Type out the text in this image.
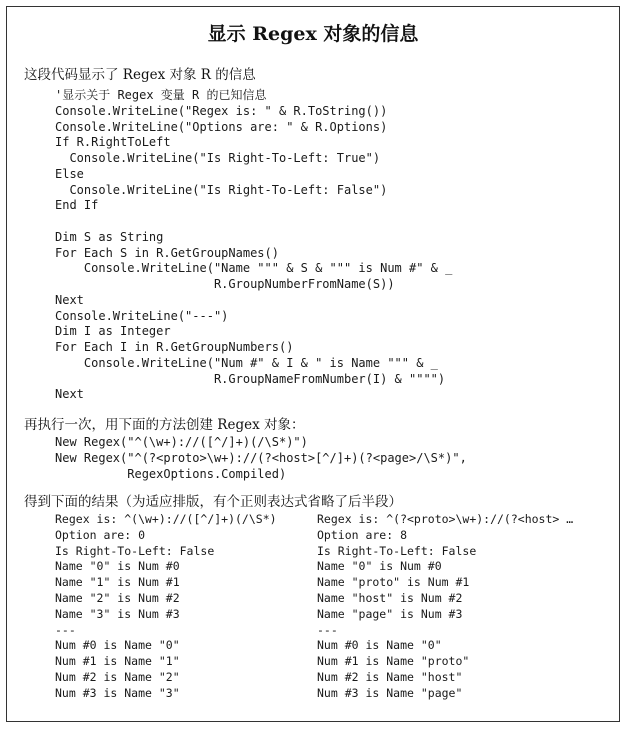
显示 Regex 对象的信息
这段代码显示了 Regex 对象 R 的信息
'显示关于 Regex 变量 R 的已知信息
Console.WriteLine("Regex is: " & R.ToString())
Console.WriteLine("Options are: " & R.Options)
If R.RightToLeft
Console.WriteLine("Is Right-To-Left: True")
Else
Console.WriteLine("Is Right-To-Left: False")
End If
Dim S as String
For Each S in R.GetGroupNames()
Console.WriteLine("Name """ & S & """ is Num #" & _
R.GroupNumberFromName(S))
Next
Console.WriteLine("---")
Dim I as Integer
For Each I in R.GetGroupNumbers()
Console.WriteLine("Num #" & I & " is Name """ & _
R.GroupNameFromNumber(I) & """")
Next
再执行一次，用下面的方法创建 Regex 对象：
New Regex("^(\w+)://([^/]+)(/\S*)")
New Regex("^(?<proto>\w+)://(?<host>[^/]+)(?<page>/\S*)",
RegexOptions.Compiled)
得到下面的结果（为适应排版，有个正则表达式省略了后半段）
Regex is: ^(\w+)://([^/]+)(/\S*)
Option are: 0
Is Right-To-Left: False
Name "0" is Num #0
Name "1" is Num #1
Name "2" is Num #2
Name "3" is Num #3
---
Num #0 is Name "0"
Num #1 is Name "1"
Num #2 is Name "2"
Num #3 is Name "3"
Regex is: ^(?<proto>\w+)://(?<host> …
Option are: 8
Is Right-To-Left: False
Name "0" is Num #0
Name "proto" is Num #1
Name "host" is Num #2
Name "page" is Num #3
---
Num #0 is Name "0"
Num #1 is Name "proto"
Num #2 is Name "host"
Num #3 is Name "page"
